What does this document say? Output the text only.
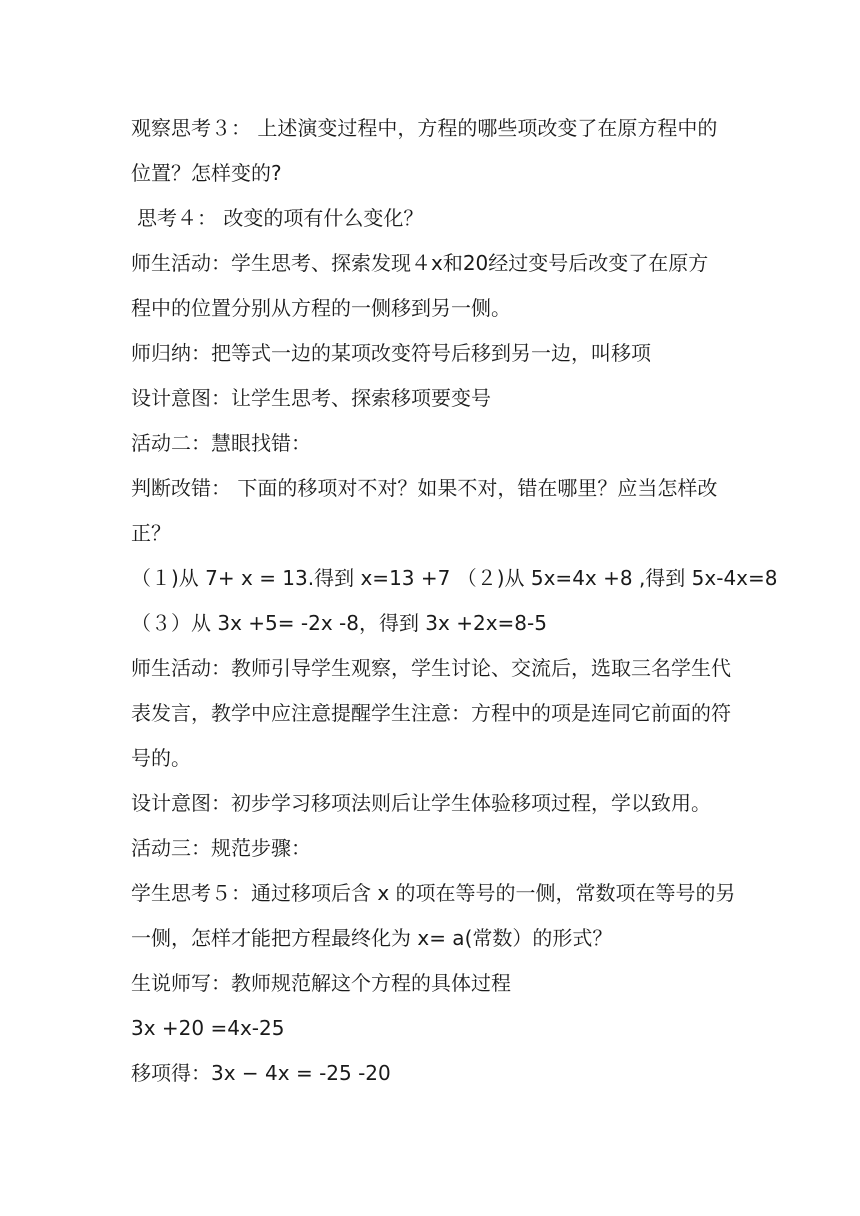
观察思考３： 上述演变过程中，方程的哪些项改变了在原方程中的
位置？怎样变的?
思考４： 改变的项有什么变化？
师生活动：学生思考、探索发现４x和20经过变号后改变了在原方
程中的位置分别从方程的一侧移到另一侧。
师归纳：把等式一边的某项改变符号后移到另一边，叫移项
设计意图：让学生思考、探索移项要变号
活动二：慧眼找错：
判断改错： 下面的移项对不对？如果不对，错在哪里？应当怎样改
正？
（１)从 7+ x = 13.得到 x=13 +7 （２)从 5x=4x +8 ,得到 5x-4x=8
（３）从 3x +5= -2x -8，得到 3x +2x=8-5
师生活动：教师引导学生观察，学生讨论、交流后，选取三名学生代
表发言，教学中应注意提醒学生注意：方程中的项是连同它前面的符
号的。
设计意图：初步学习移项法则后让学生体验移项过程，学以致用。
活动三：规范步骤：
学生思考５：通过移项后含 x 的项在等号的一侧，常数项在等号的另
一侧，怎样才能把方程最终化为 x= a(常数）的形式？
生说师写：教师规范解这个方程的具体过程
3x +20 =4x-25
移项得：3x − 4x = -25 -20
